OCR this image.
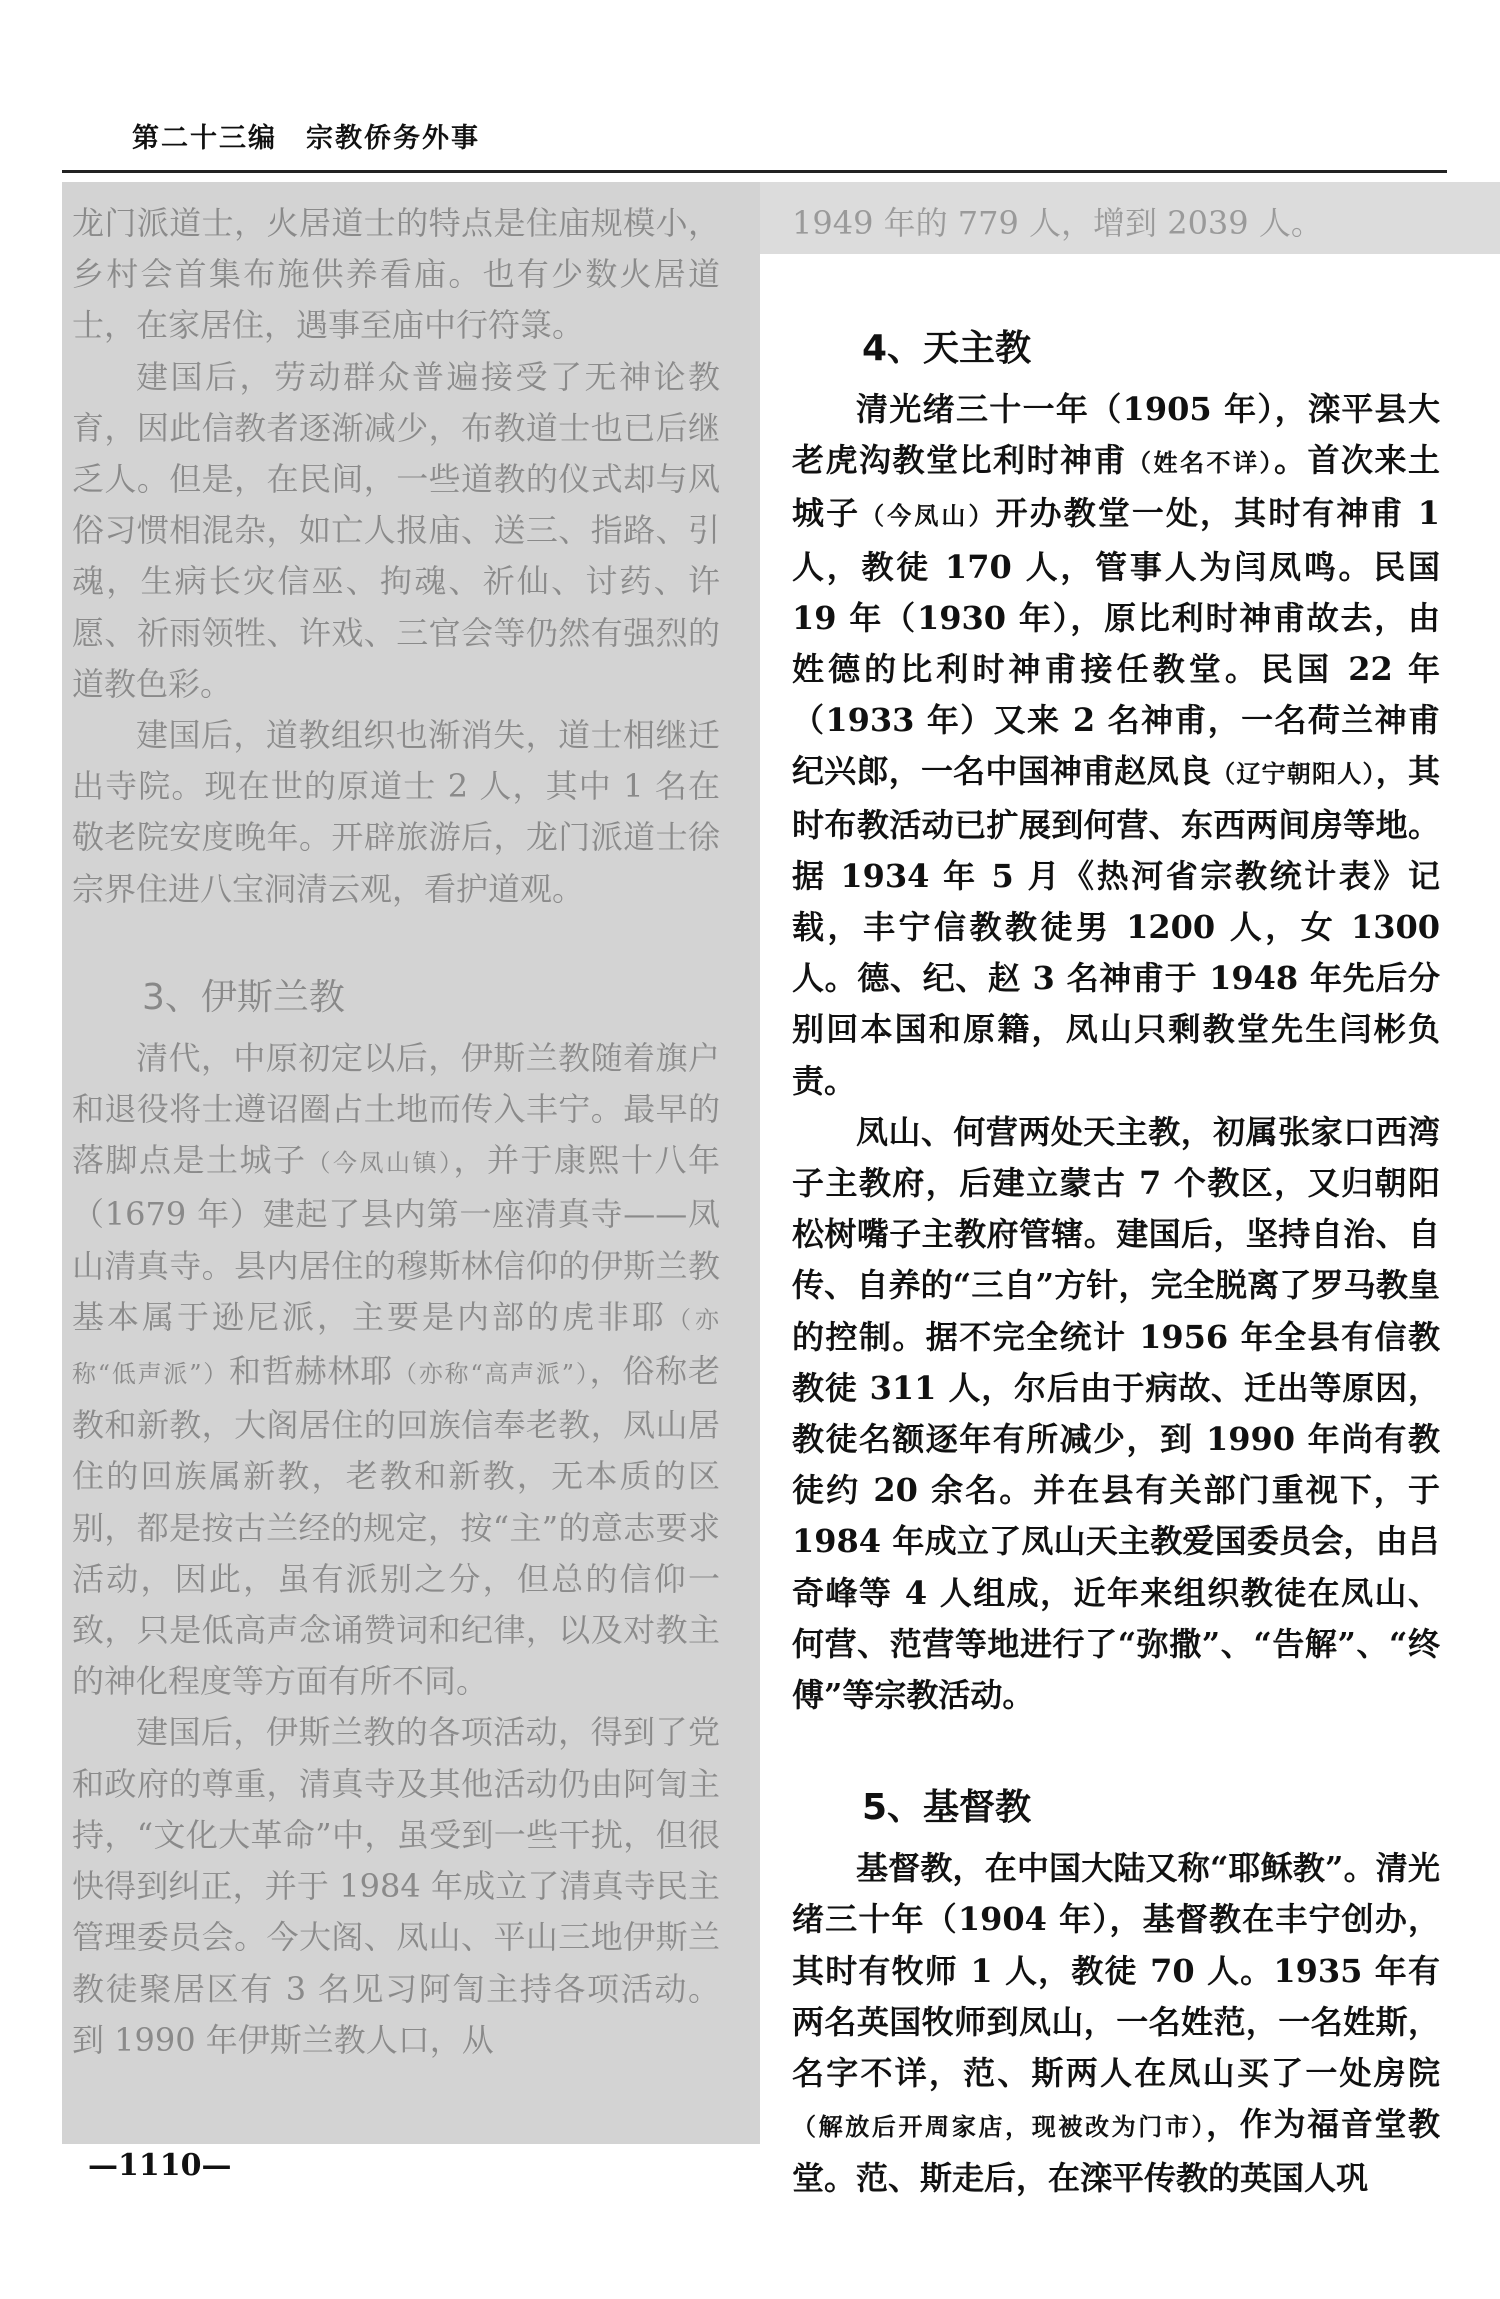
第二十三编　宗教侨务外事

龙门派道士，火居道士的特点是住庙规模小，乡村会首集布施供养看庙。也有少数火居道士，在家居住，遇事至庙中行符箓。

建国后，劳动群众普遍接受了无神论教育，因此信教者逐渐减少，布教道士也已后继乏人。但是，在民间，一些道教的仪式却与风俗习惯相混杂，如亡人报庙、送三、指路、引魂，生病长灾信巫、拘魂、祈仙、讨药、许愿、祈雨领牲、许戏、三官会等仍然有强烈的道教色彩。

建国后，道教组织也渐消失，道士相继迁出寺院。现在世的原道士 2 人，其中 1 名在敬老院安度晚年。开辟旅游后，龙门派道士徐宗界住进八宝洞清云观，看护道观。

3、伊斯兰教

清代，中原初定以后，伊斯兰教随着旗户和退役将士遵诏圈占土地而传入丰宁。最早的落脚点是土城子（今凤山镇），并于康熙十八年（1679 年）建起了县内第一座清真寺——凤山清真寺。县内居住的穆斯林信仰的伊斯兰教基本属于逊尼派，主要是内部的虎非耶（亦称“低声派”）和哲赫林耶（亦称“高声派”），俗称老教和新教，大阁居住的回族信奉老教，凤山居住的回族属新教，老教和新教，无本质的区别，都是按古兰经的规定，按“主”的意志要求活动，因此，虽有派别之分，但总的信仰一致，只是低高声念诵赞词和纪律，以及对教主的神化程度等方面有所不同。

建国后，伊斯兰教的各项活动，得到了党和政府的尊重，清真寺及其他活动仍由阿訇主持，“文化大革命”中，虽受到一些干扰，但很快得到纠正，并于 1984 年成立了清真寺民主管理委员会。今大阁、凤山、平山三地伊斯兰教徒聚居区有 3 名见习阿訇主持各项活动。到 1990 年伊斯兰教人口，从

1949 年的 779 人，增到 2039 人。

4、天主教

清光绪三十一年（1905 年），滦平县大老虎沟教堂比利时神甫（姓名不详）。首次来土城子（今凤山）开办教堂一处，其时有神甫 1 人，教徒 170 人，管事人为闫凤鸣。民国 19 年（1930 年），原比利时神甫故去，由姓德的比利时神甫接任教堂。民国 22 年（1933 年）又来 2 名神甫，一名荷兰神甫纪兴郎，一名中国神甫赵凤良（辽宁朝阳人），其时布教活动已扩展到何营、东西两间房等地。据 1934 年 5 月《热河省宗教统计表》记载，丰宁信教教徒男 1200 人，女 1300 人。德、纪、赵 3 名神甫于 1948 年先后分别回本国和原籍，凤山只剩教堂先生闫彬负责。

凤山、何营两处天主教，初属张家口西湾子主教府，后建立蒙古 7 个教区，又归朝阳松树嘴子主教府管辖。建国后，坚持自治、自传、自养的“三自”方针，完全脱离了罗马教皇的控制。据不完全统计 1956 年全县有信教教徒 311 人，尔后由于病故、迁出等原因，教徒名额逐年有所减少，到 1990 年尚有教徒约 20 余名。并在县有关部门重视下，于 1984 年成立了凤山天主教爱国委员会，由吕奇峰等 4 人组成，近年来组织教徒在凤山、何营、范营等地进行了“弥撒”、“告解”、“终傅”等宗教活动。

5、基督教

基督教，在中国大陆又称“耶稣教”。清光绪三十年（1904 年），基督教在丰宁创办，其时有牧师 1 人，教徒 70 人。1935 年有两名英国牧师到凤山，一名姓范，一名姓斯，名字不详，范、斯两人在凤山买了一处房院（解放后开周家店，现被改为门市），作为福音堂教堂。范、斯走后，在滦平传教的英国人巩

—1110—
